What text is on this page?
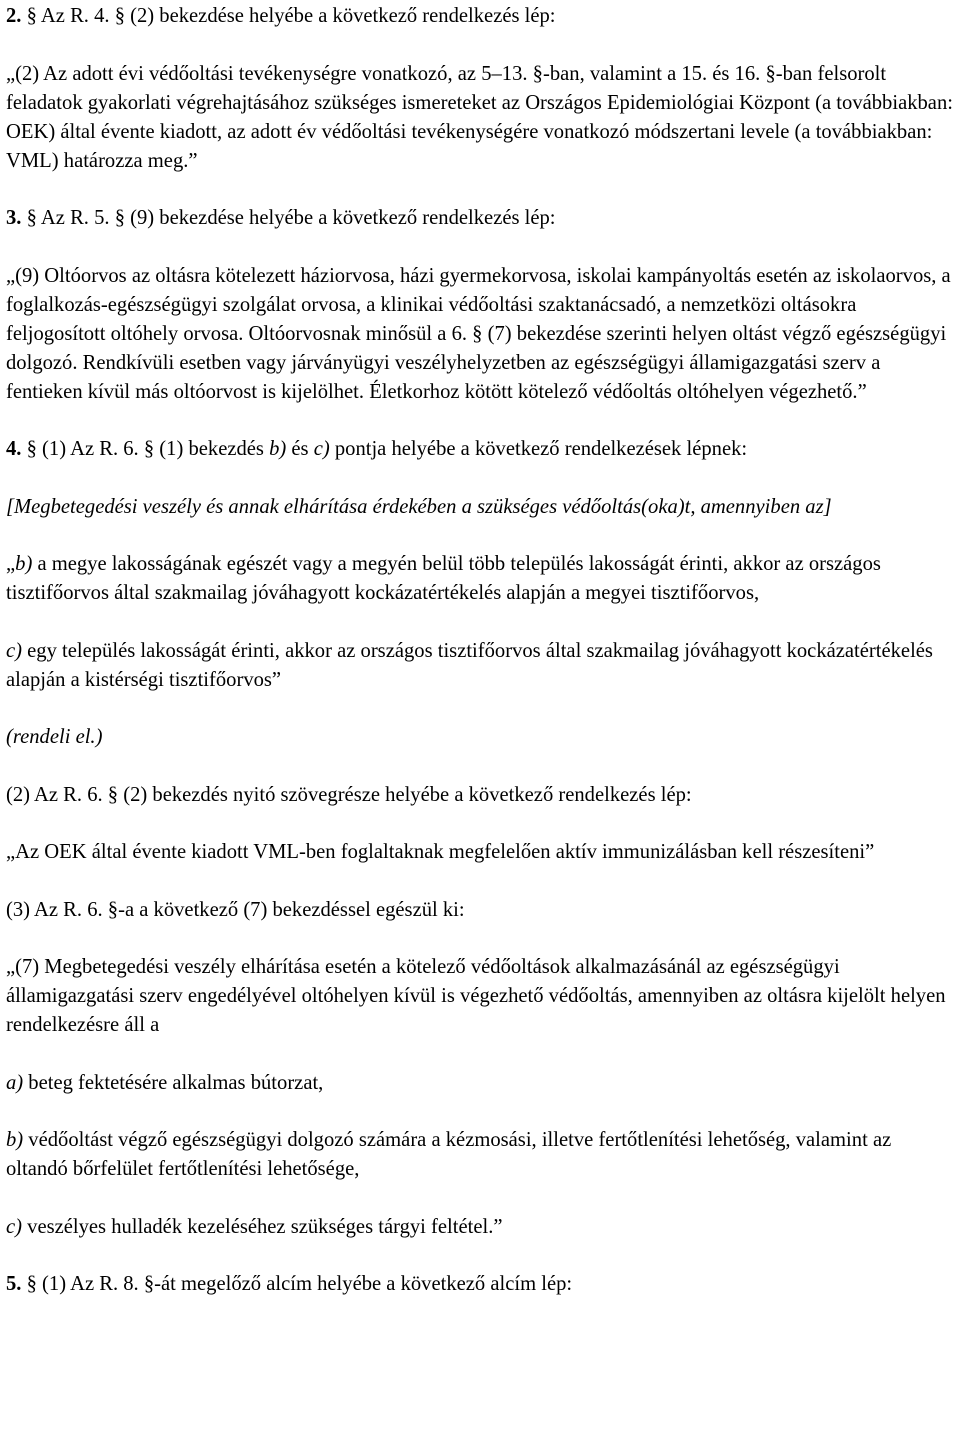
2. § Az R. 4. § (2) bekezdése helyébe a következő rendelkezés lép:

„(2) Az adott évi védőoltási tevékenységre vonatkozó, az 5–13. §-ban, valamint a 15. és 16. §-ban felsorolt feladatok gyakorlati végrehajtásához szükséges ismereteket az Országos Epidemiológiai Központ (a továbbiakban: OEK) által évente kiadott, az adott év védőoltási tevékenységére vonatkozó módszertani levele (a továbbiakban: VML) határozza meg.”

3. § Az R. 5. § (9) bekezdése helyébe a következő rendelkezés lép:

„(9) Oltóorvos az oltásra kötelezett háziorvosa, házi gyermekorvosa, iskolai kampányoltás esetén az iskolaorvos, a foglalkozás-egészségügyi szolgálat orvosa, a klinikai védőoltási szaktanácsadó, a nemzetközi oltásokra feljogosított oltóhely orvosa. Oltóorvosnak minősül a 6. § (7) bekezdése szerinti helyen oltást végző egészségügyi dolgozó. Rendkívüli esetben vagy járványügyi veszélyhelyzetben az egészségügyi államigazgatási szerv a fentieken kívül más oltóorvost is kijelölhet. Életkorhoz kötött kötelező védőoltás oltóhelyen végezhető.”

4. § (1) Az R. 6. § (1) bekezdés b) és c) pontja helyébe a következő rendelkezések lépnek:

[Megbetegedési veszély és annak elhárítása érdekében a szükséges védőoltás(oka)t, amennyiben az]

„b) a megye lakosságának egészét vagy a megyén belül több település lakosságát érinti, akkor az országos tisztifőorvos által szakmailag jóváhagyott kockázatértékelés alapján a megyei tisztifőorvos,

c) egy település lakosságát érinti, akkor az országos tisztifőorvos által szakmailag jóváhagyott kockázatértékelés alapján a kistérségi tisztifőorvos”

(rendeli el.)

(2) Az R. 6. § (2) bekezdés nyitó szövegrésze helyébe a következő rendelkezés lép:

„Az OEK által évente kiadott VML-ben foglaltaknak megfelelően aktív immunizálásban kell részesíteni”

(3) Az R. 6. §-a a következő (7) bekezdéssel egészül ki:

„(7) Megbetegedési veszély elhárítása esetén a kötelező védőoltások alkalmazásánál az egészségügyi államigazgatási szerv engedélyével oltóhelyen kívül is végezhető védőoltás, amennyiben az oltásra kijelölt helyen rendelkezésre áll a

a) beteg fektetésére alkalmas bútorzat,

b) védőoltást végző egészségügyi dolgozó számára a kézmosási, illetve fertőtlenítési lehetőség, valamint az oltandó bőrfelület fertőtlenítési lehetősége,

c) veszélyes hulladék kezeléséhez szükséges tárgyi feltétel.”

5. § (1) Az R. 8. §-át megelőző alcím helyébe a következő alcím lép:
